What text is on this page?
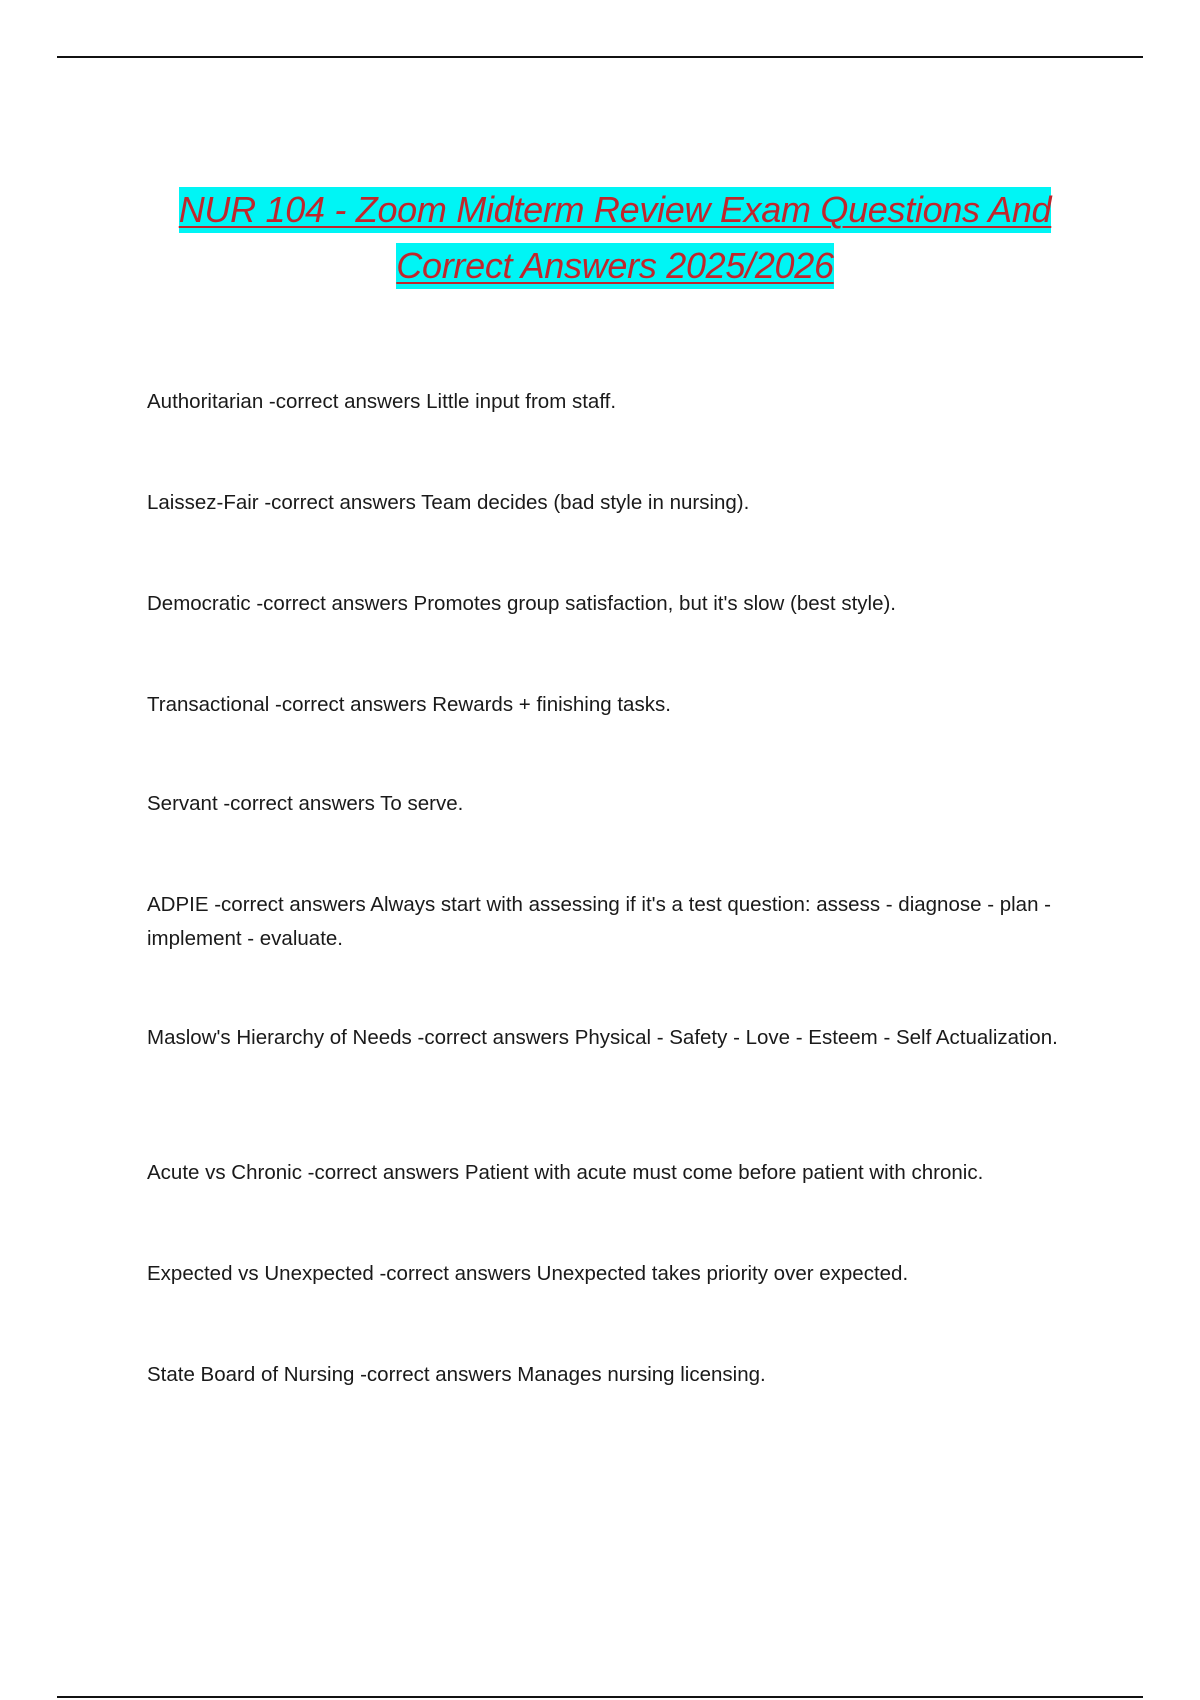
NUR 104 - Zoom Midterm Review Exam Questions And Correct Answers 2025/2026

Authoritarian -correct answers Little input from staff.

Laissez-Fair -correct answers Team decides (bad style in nursing).

Democratic -correct answers Promotes group satisfaction, but it's slow (best style).

Transactional -correct answers Rewards + finishing tasks.

Servant -correct answers To serve.

ADPIE -correct answers Always start with assessing if it's a test question: assess - diagnose - plan - implement - evaluate.

Maslow's Hierarchy of Needs -correct answers Physical - Safety - Love - Esteem - Self Actualization.

Acute vs Chronic -correct answers Patient with acute must come before patient with chronic.

Expected vs Unexpected -correct answers Unexpected takes priority over expected.

State Board of Nursing -correct answers Manages nursing licensing.
